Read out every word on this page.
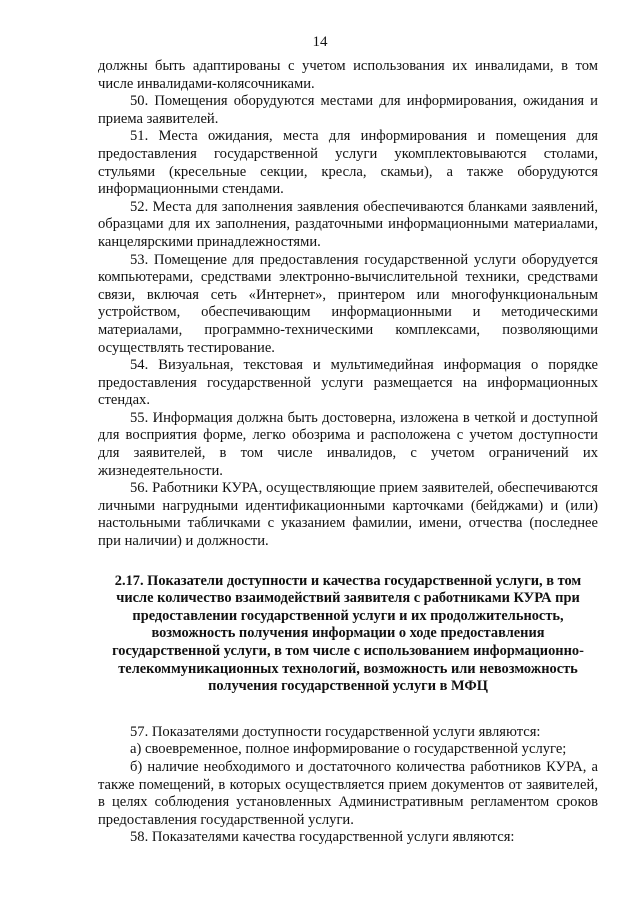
14

должны быть адаптированы с учетом использования их инвалидами, в том числе инвалидами-колясочниками.

50. Помещения оборудуются местами для информирования, ожидания и приема заявителей.

51. Места ожидания, места для информирования и помещения для предоставления государственной услуги укомплектовываются столами, стульями (кресельные секции, кресла, скамьи), а также оборудуются информационными стендами.

52. Места для заполнения заявления обеспечиваются бланками заявлений, образцами для их заполнения, раздаточными информационными материалами, канцелярскими принадлежностями.

53. Помещение для предоставления государственной услуги оборудуется компьютерами, средствами электронно-вычислительной техники, средствами связи, включая сеть «Интернет», принтером или многофункциональным устройством, обеспечивающим информационными и методическими материалами, программно-техническими комплексами, позволяющими осуществлять тестирование.

54. Визуальная, текстовая и мультимедийная информация о порядке предоставления государственной услуги размещается на информационных стендах.

55. Информация должна быть достоверна, изложена в четкой и доступной для восприятия форме, легко обозрима и расположена с учетом доступности для заявителей, в том числе инвалидов, с учетом ограничений их жизнедеятельности.

56. Работники КУРА, осуществляющие прием заявителей, обеспечиваются личными нагрудными идентификационными карточками (бейджами) и (или) настольными табличками с указанием фамилии, имени, отчества (последнее при наличии) и должности.

2.17. Показатели доступности и качества государственной услуги, в том числе количество взаимодействий заявителя с работниками КУРА при предоставлении государственной услуги и их продолжительность, возможность получения информации о ходе предоставления государственной услуги, в том числе с использованием информационно-телекоммуникационных технологий, возможность или невозможность получения государственной услуги в МФЦ

57. Показателями доступности государственной услуги являются:

а) своевременное, полное информирование о государственной услуге;

б) наличие необходимого и достаточного количества работников КУРА, а также помещений, в которых осуществляется прием документов от заявителей, в целях соблюдения установленных Административным регламентом сроков предоставления государственной услуги.

58. Показателями качества государственной услуги являются:
